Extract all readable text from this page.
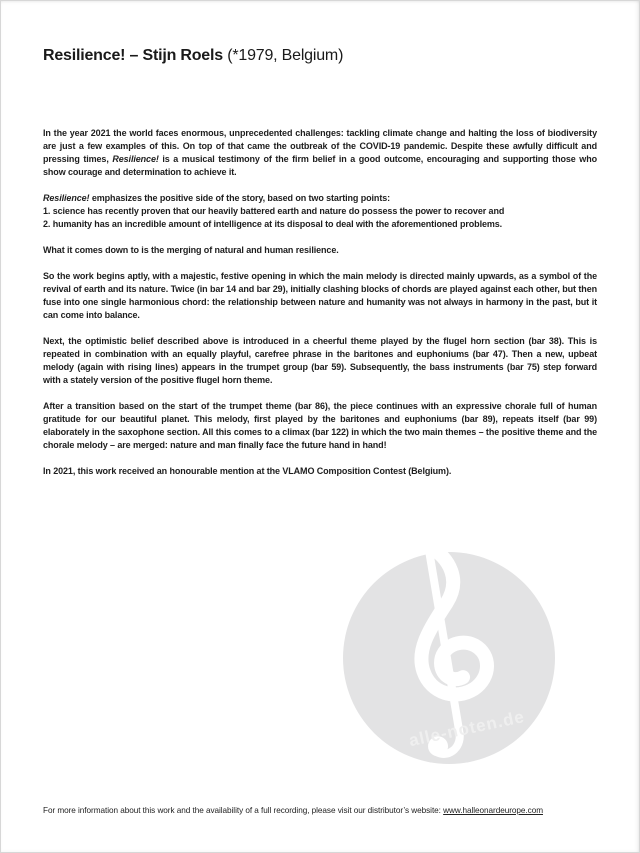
Resilience! – Stijn Roels (*1979, Belgium)
In the year 2021 the world faces enormous, unprecedented challenges: tackling climate change and halting the loss of biodiversity are just a few examples of this. On top of that came the outbreak of the COVID-19 pandemic. Despite these awfully difficult and pressing times, Resilience! is a musical testimony of the firm belief in a good outcome, encouraging and supporting those who show courage and determination to achieve it.
Resilience! emphasizes the positive side of the story, based on two starting points:
1. science has recently proven that our heavily battered earth and nature do possess the power to recover and
2. humanity has an incredible amount of intelligence at its disposal to deal with the aforementioned problems.
What it comes down to is the merging of natural and human resilience.
So the work begins aptly, with a majestic, festive opening in which the main melody is directed mainly upwards, as a symbol of the revival of earth and its nature. Twice (in bar 14 and bar 29), initially clashing blocks of chords are played against each other, but then fuse into one single harmonious chord: the relationship between nature and humanity was not always in harmony in the past, but it can come into balance.
Next, the optimistic belief described above is introduced in a cheerful theme played by the flugel horn section (bar 38). This is repeated in combination with an equally playful, carefree phrase in the baritones and euphoniums (bar 47). Then a new, upbeat melody (again with rising lines) appears in the trumpet group (bar 59). Subsequently, the bass instruments (bar 75) step forward with a stately version of the positive flugel horn theme.
After a transition based on the start of the trumpet theme (bar 86), the piece continues with an expressive chorale full of human gratitude for our beautiful planet. This melody, first played by the baritones and euphoniums (bar 89), repeats itself (bar 99) elaborately in the saxophone section. All this comes to a climax (bar 122) in which the two main themes – the positive theme and the chorale melody – are merged: nature and man finally face the future hand in hand!
In 2021, this work received an honourable mention at the VLAMO Composition Contest (Belgium).
alle-noten.de
For more information about this work and the availability of a full recording, please visit our distributor’s website: www.halleonardeurope.com
